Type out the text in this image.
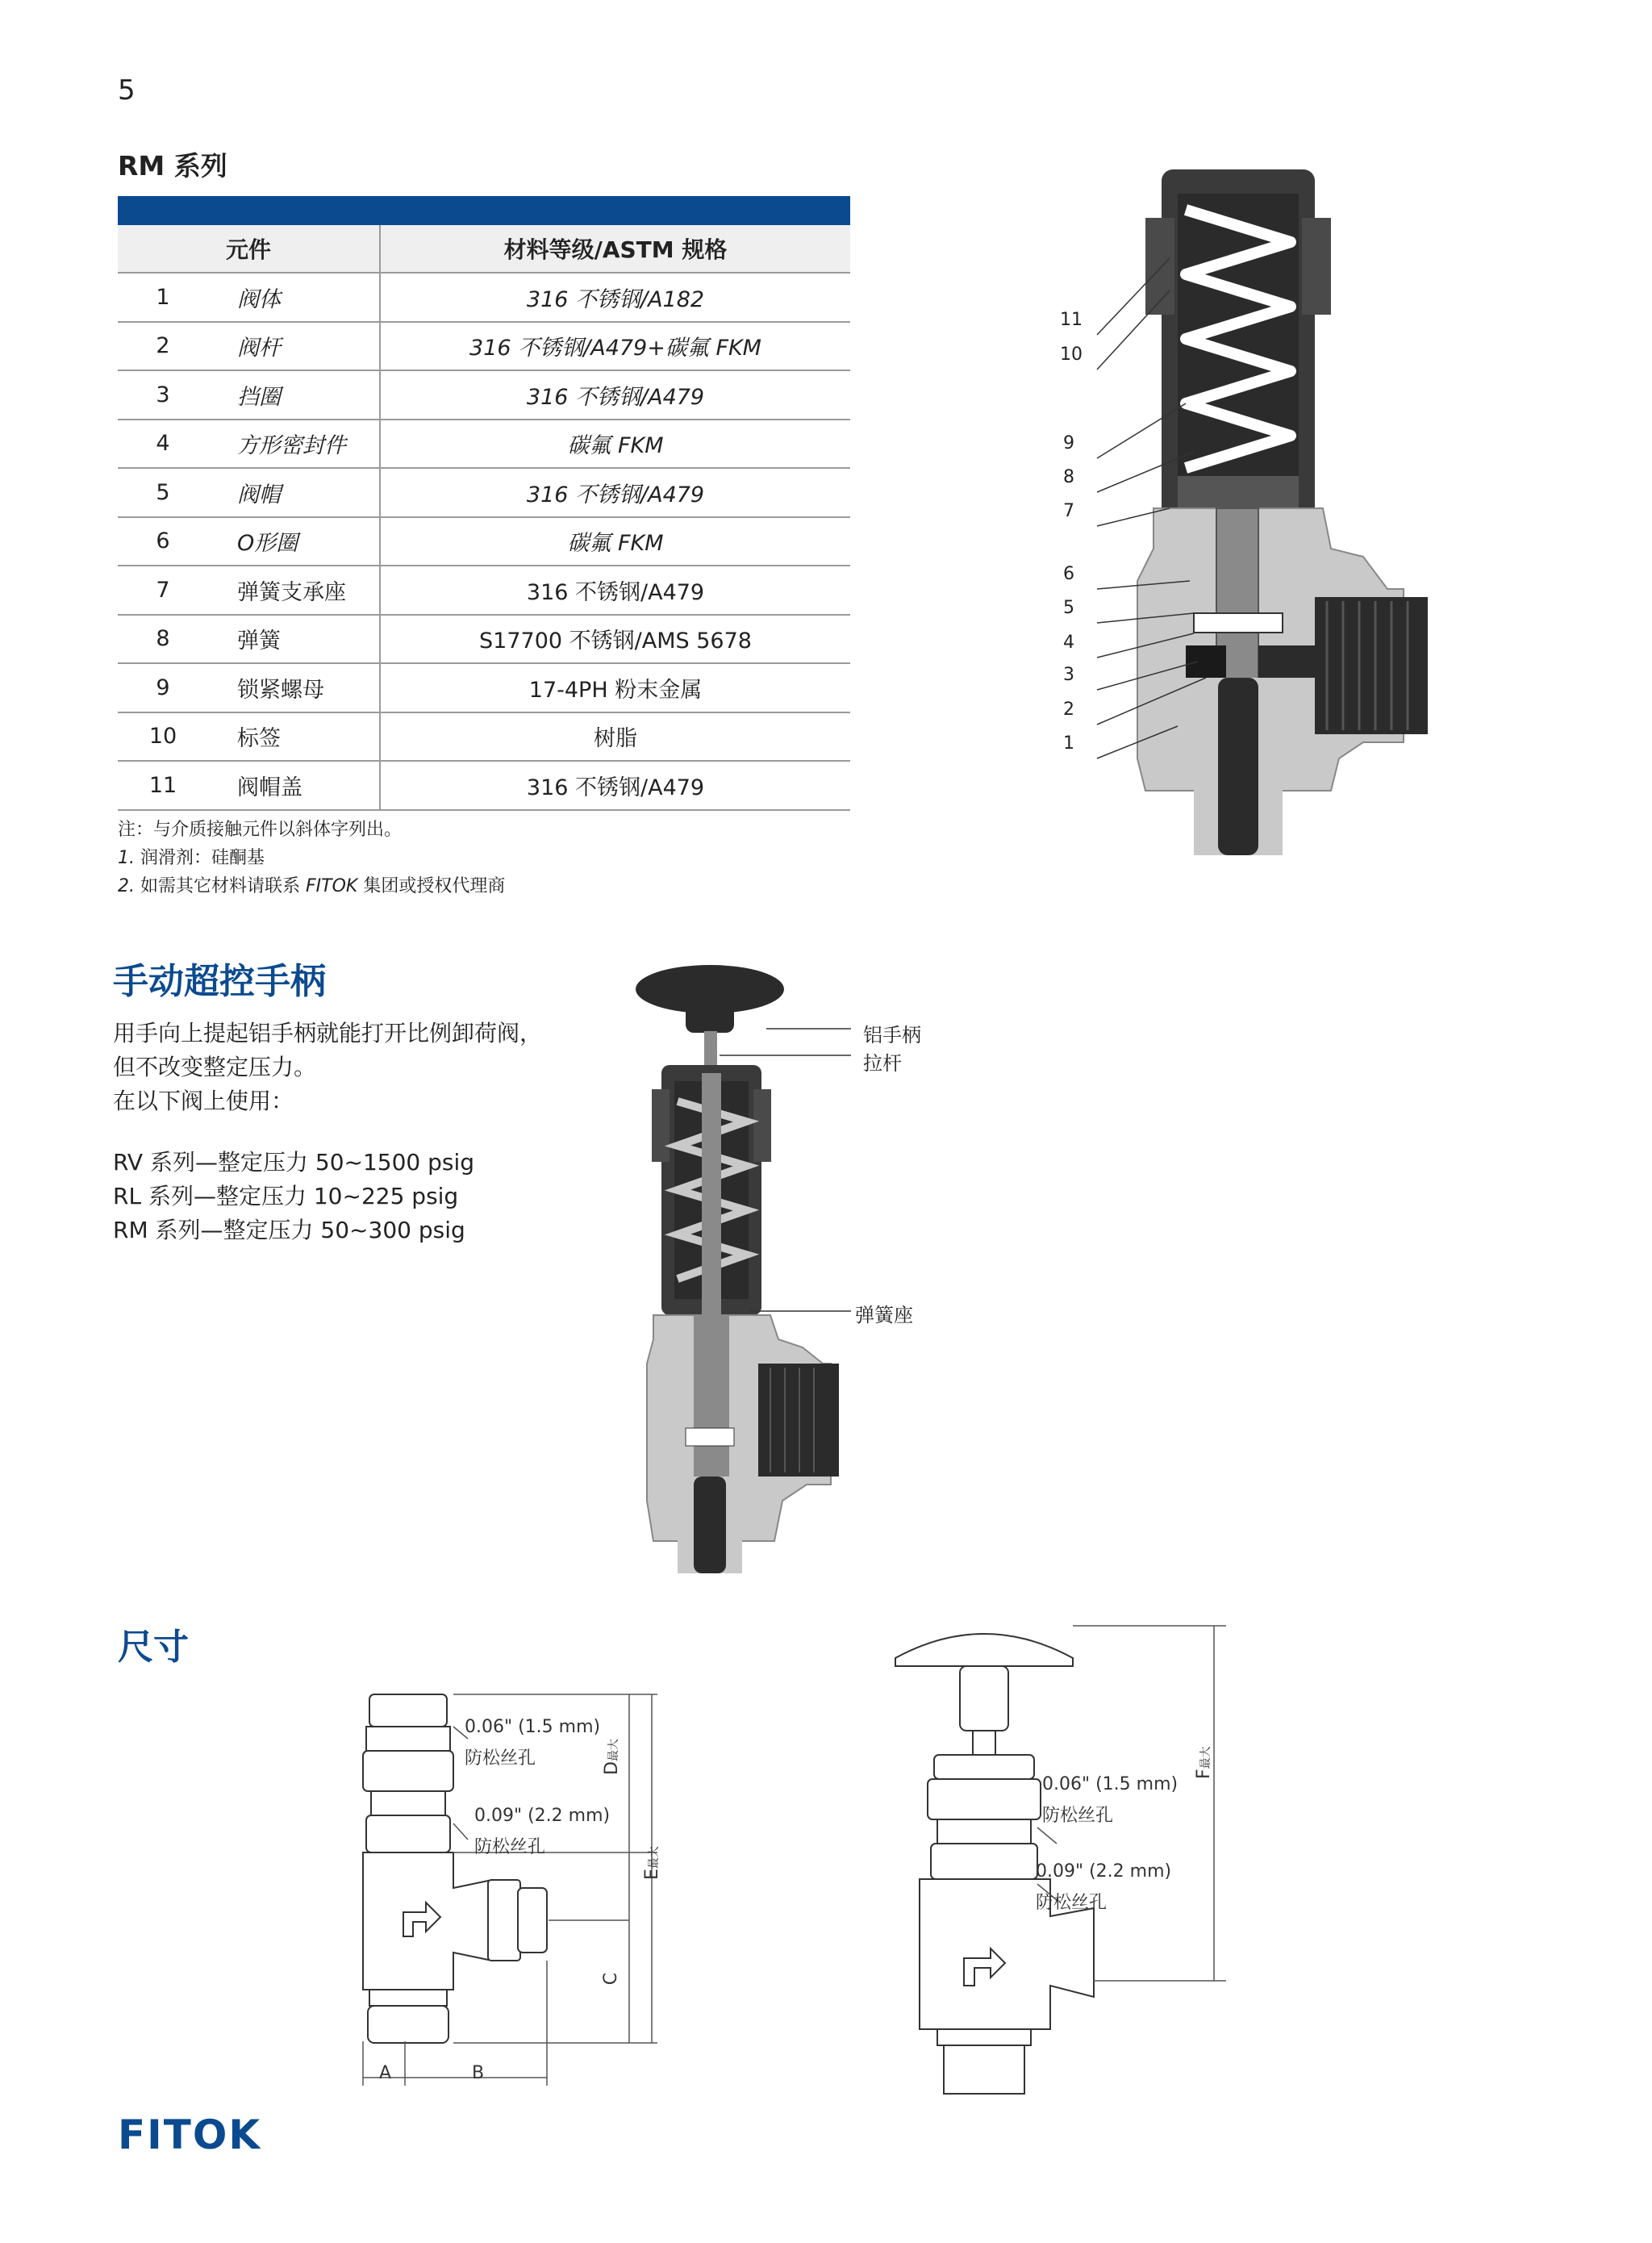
5
RM 系列
元件	材料等级/ASTM 规格
1	阀体	316 不锈钢/A182
2	阀杆	316 不锈钢/A479+碳氟 FKM
3	挡圈	316 不锈钢/A479
4	方形密封件	碳氟 FKM
5	阀帽	316 不锈钢/A479
6	O形圈	碳氟 FKM
7	弹簧支承座	316 不锈钢/A479
8	弹簧	S17700 不锈钢/AMS 5678
9	锁紧螺母	17-4PH 粉末金属
10	标签	树脂
11	阀帽盖	316 不锈钢/A479
注：与介质接触元件以斜体字列出。
1. 润滑剂：硅酮基
2. 如需其它材料请联系 FITOK 集团或授权代理商
11
10
9
8
7
6
5
4
3
2
1
手动超控手柄
用手向上提起铝手柄就能打开比例卸荷阀，
但不改变整定压力。
在以下阀上使用：
RV 系列—整定压力 50~1500 psig
RL 系列—整定压力 10~225 psig
RM 系列—整定压力 50~300 psig
铝手柄
拉杆
弹簧座
尺寸
0.06" (1.5 mm)
防松丝孔
0.09" (2.2 mm)
防松丝孔
A	B
C
D最大
E最大
0.06" (1.5 mm)
防松丝孔
0.09" (2.2 mm)
防松丝孔
F最大
FITOK
